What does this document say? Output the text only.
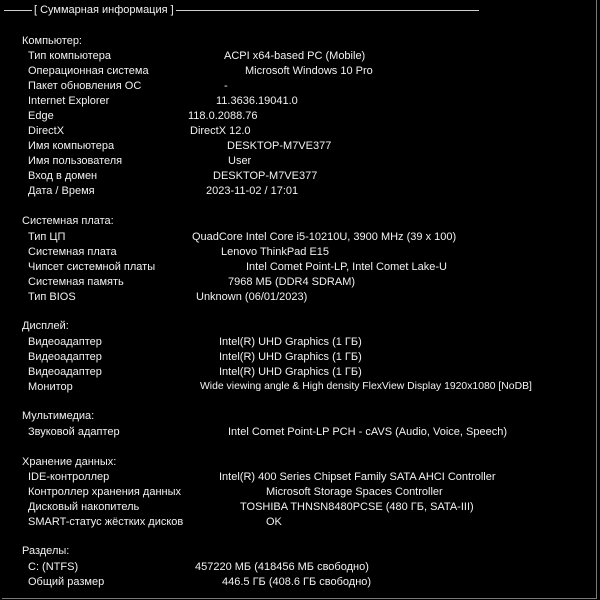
[ Суммарная информация ]
Компьютер:
Тип компьютера	ACPI x64-based PC (Mobile)
Операционная система	Microsoft Windows 10 Pro
Пакет обновления ОС	-
Internet Explorer	11.3636.19041.0
Edge	118.0.2088.76
DirectX	DirectX 12.0
Имя компьютера	DESKTOP-M7VE377
Имя пользователя	User
Вход в домен	DESKTOP-M7VE377
Дата / Время	2023-11-02 / 17:01
Системная плата:
Тип ЦП	QuadCore Intel Core i5-10210U, 3900 MHz (39 x 100)
Системная плата	Lenovo ThinkPad E15
Чипсет системной платы	Intel Comet Point-LP, Intel Comet Lake-U
Системная память	7968 МБ (DDR4 SDRAM)
Тип BIOS	Unknown (06/01/2023)
Дисплей:
Видеоадаптер	Intel(R) UHD Graphics (1 ГБ)
Видеоадаптер	Intel(R) UHD Graphics (1 ГБ)
Видеоадаптер	Intel(R) UHD Graphics (1 ГБ)
Монитор	Wide viewing angle & High density FlexView Display 1920x1080 [NoDB]
Мультимедиа:
Звуковой адаптер	Intel Comet Point-LP PCH - cAVS (Audio, Voice, Speech)
Хранение данных:
IDE-контроллер	Intel(R) 400 Series Chipset Family SATA AHCI Controller
Контроллер хранения данных	Microsoft Storage Spaces Controller
Дисковый накопитель	TOSHIBA THNSN8480PCSE (480 ГБ, SATA-III)
SMART-статус жёстких дисков	OK
Разделы:
C: (NTFS)	457220 МБ (418456 МБ свободно)
Общий размер	446.5 ГБ (408.6 ГБ свободно)
